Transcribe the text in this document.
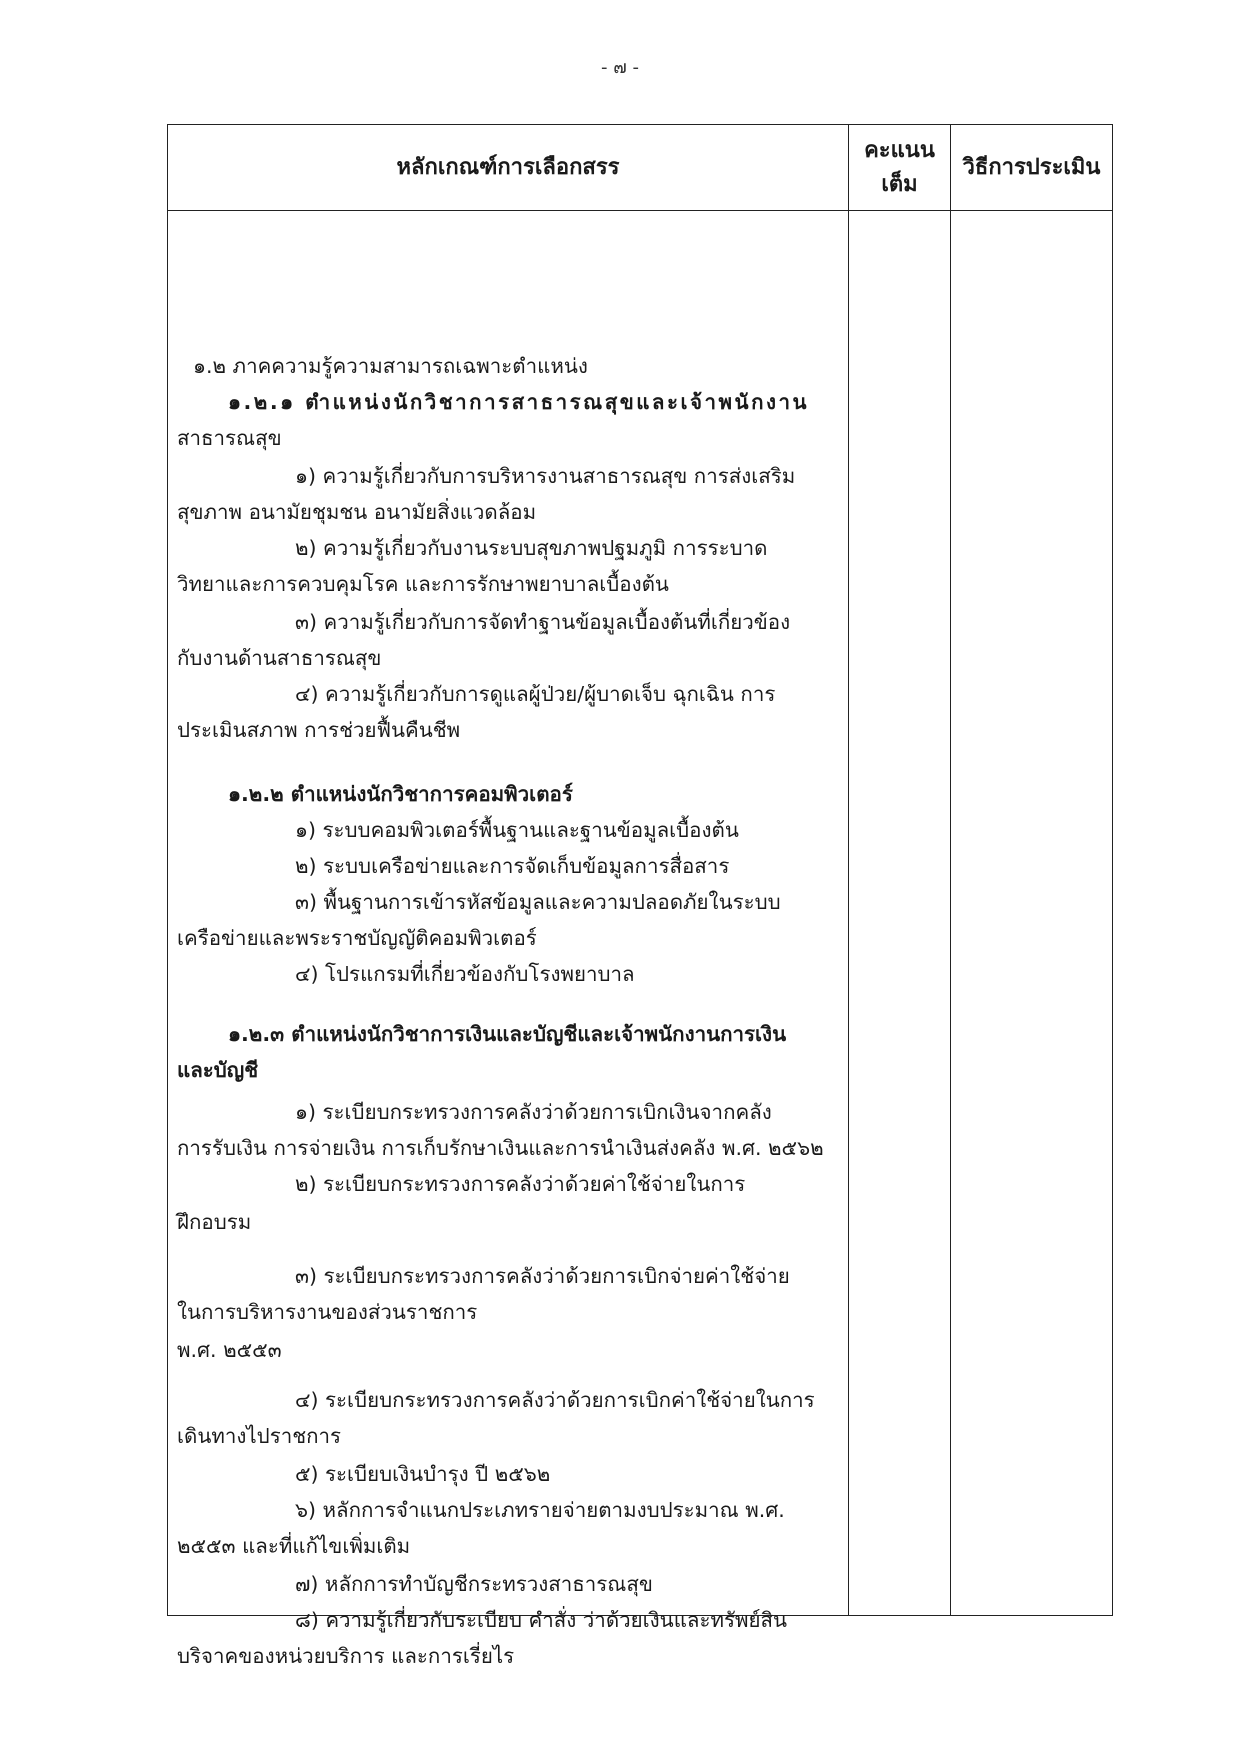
- ๗ -
หลักเกณฑ์การเลือกสรร
คะแนน
เต็ม
วิธีการประเมิน
๑.๒ ภาคความรู้ความสามารถเฉพาะตำแหน่ง
๑.๒.๑ ตำแหน่งนักวิชาการสาธารณสุขและเจ้าพนักงาน
สาธารณสุข
๑) ความรู้เกี่ยวกับการบริหารงานสาธารณสุข การส่งเสริม
สุขภาพ อนามัยชุมชน อนามัยสิ่งแวดล้อม
๒) ความรู้เกี่ยวกับงานระบบสุขภาพปฐมภูมิ การระบาด
วิทยาและการควบคุมโรค และการรักษาพยาบาลเบื้องต้น
๓) ความรู้เกี่ยวกับการจัดทำฐานข้อมูลเบื้องต้นที่เกี่ยวข้อง
กับงานด้านสาธารณสุข
๔) ความรู้เกี่ยวกับการดูแลผู้ป่วย/ผู้บาดเจ็บ ฉุกเฉิน การ
ประเมินสภาพ การช่วยฟื้นคืนชีพ
๑.๒.๒ ตำแหน่งนักวิชาการคอมพิวเตอร์
๑) ระบบคอมพิวเตอร์พื้นฐานและฐานข้อมูลเบื้องต้น
๒) ระบบเครือข่ายและการจัดเก็บข้อมูลการสื่อสาร
๓) พื้นฐานการเข้ารหัสข้อมูลและความปลอดภัยในระบบ
เครือข่ายและพระราชบัญญัติคอมพิวเตอร์
๔) โปรแกรมที่เกี่ยวข้องกับโรงพยาบาล
๑.๒.๓ ตำแหน่งนักวิชาการเงินและบัญชีและเจ้าพนักงานการเงิน
และบัญชี
๑) ระเบียบกระทรวงการคลังว่าด้วยการเบิกเงินจากคลัง
การรับเงิน การจ่ายเงิน การเก็บรักษาเงินและการนำเงินส่งคลัง พ.ศ. ๒๕๖๒
๒) ระเบียบกระทรวงการคลังว่าด้วยค่าใช้จ่ายในการ
ฝึกอบรม
๓) ระเบียบกระทรวงการคลังว่าด้วยการเบิกจ่ายค่าใช้จ่าย
ในการบริหารงานของส่วนราชการ
พ.ศ. ๒๕๕๓
๔) ระเบียบกระทรวงการคลังว่าด้วยการเบิกค่าใช้จ่ายในการ
เดินทางไปราชการ
๕) ระเบียบเงินบำรุง ปี ๒๕๖๒
๖) หลักการจำแนกประเภทรายจ่ายตามงบประมาณ พ.ศ.
๒๕๕๓ และที่แก้ไขเพิ่มเติม
๗) หลักการทำบัญชีกระทรวงสาธารณสุข
๘) ความรู้เกี่ยวกับระเบียบ คำสั่ง ว่าด้วยเงินและทรัพย์สิน
บริจาคของหน่วยบริการ และการเรี่ยไร
